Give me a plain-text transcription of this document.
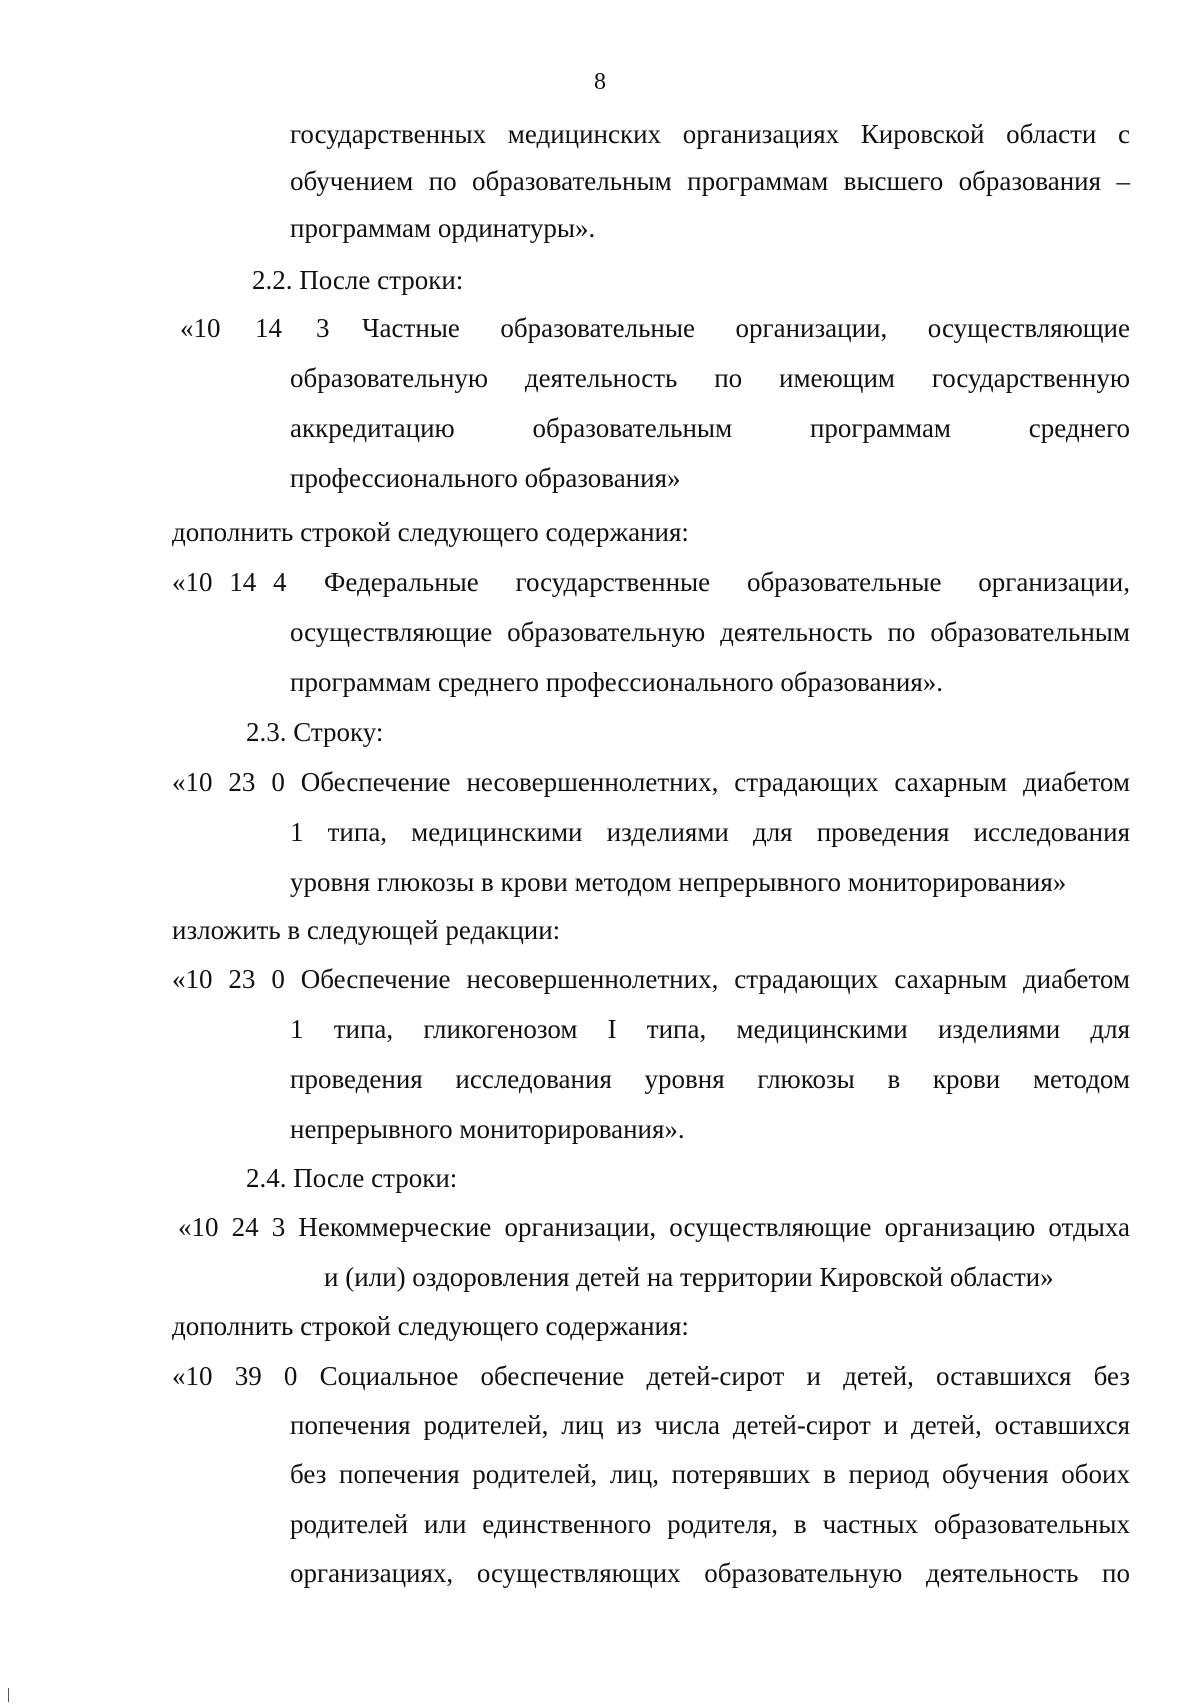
8
государственных медицинских организациях Кировской области с
обучением по образовательным программам высшего образования –
программам ординатуры».
2.2. После строки:
«10 14 3 Частные образовательные организации, осуществляющие
образовательную деятельность по имеющим государственную
аккредитацию образовательным программам среднего
профессионального образования»
дополнить строкой следующего содержания:
«10 14 4 Федеральные государственные образовательные организации,
осуществляющие образовательную деятельность по образовательным
программам среднего профессионального образования».
2.3. Строку:
«10 23 0 Обеспечение несовершеннолетних, страдающих сахарным диабетом
1 типа, медицинскими изделиями для проведения исследования
уровня глюкозы в крови методом непрерывного мониторирования»
изложить в следующей редакции:
«10 23 0 Обеспечение несовершеннолетних, страдающих сахарным диабетом
1 типа, гликогенозом I типа, медицинскими изделиями для
проведения исследования уровня глюкозы в крови методом
непрерывного мониторирования».
2.4. После строки:
«10 24 3 Некоммерческие организации, осуществляющие организацию отдыха
и (или) оздоровления детей на территории Кировской области»
дополнить строкой следующего содержания:
«10 39 0 Социальное обеспечение детей-сирот и детей, оставшихся без
попечения родителей, лиц из числа детей-сирот и детей, оставшихся
без попечения родителей, лиц, потерявших в период обучения обоих
родителей или единственного родителя, в частных образовательных
организациях, осуществляющих образовательную деятельность по
